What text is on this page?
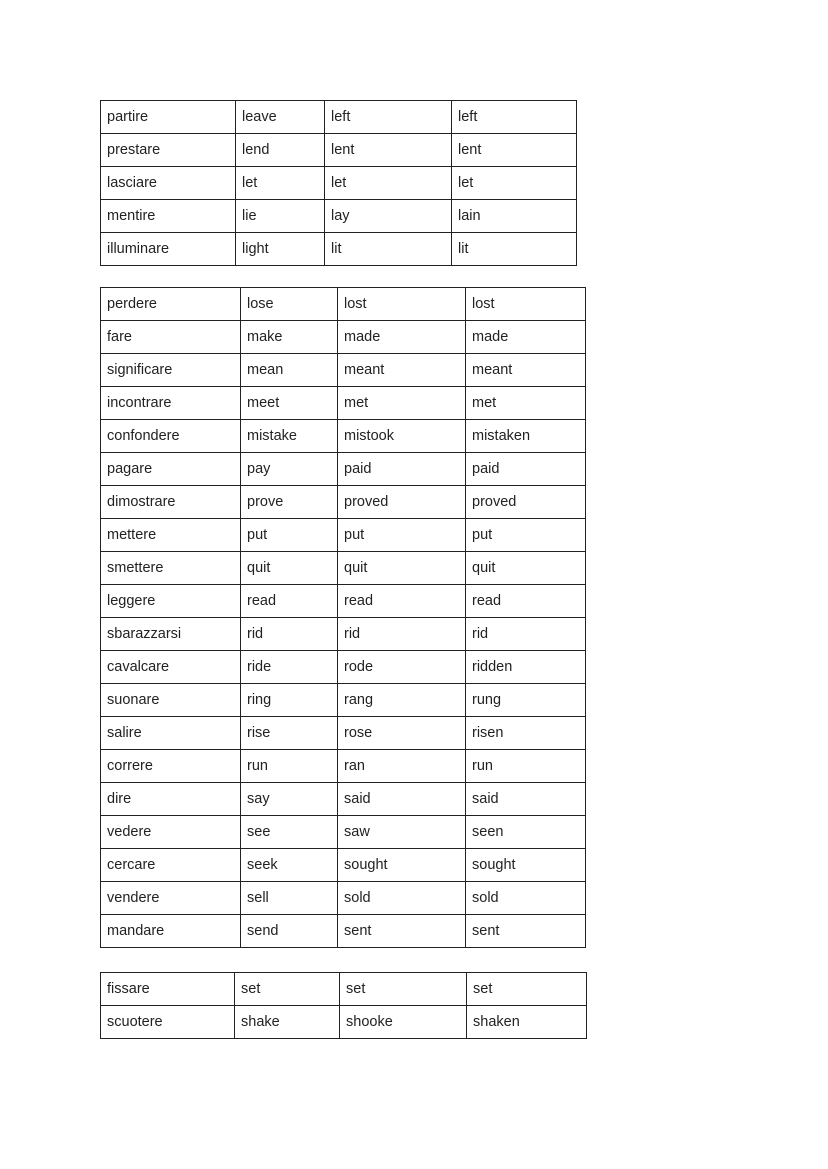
partire	leave	left	left
prestare	lend	lent	lent
lasciare	let	let	let
mentire	lie	lay	lain
illuminare	light	lit	lit
perdere	lose	lost	lost
fare	make	made	made
significare	mean	meant	meant
incontrare	meet	met	met
confondere	mistake	mistook	mistaken
pagare	pay	paid	paid
dimostrare	prove	proved	proved
mettere	put	put	put
smettere	quit	quit	quit
leggere	read	read	read
sbarazzarsi	rid	rid	rid
cavalcare	ride	rode	ridden
suonare	ring	rang	rung
salire	rise	rose	risen
correre	run	ran	run
dire	say	said	said
vedere	see	saw	seen
cercare	seek	sought	sought
vendere	sell	sold	sold
mandare	send	sent	sent
fissare	set	set	set
scuotere	shake	shooke	shaken
